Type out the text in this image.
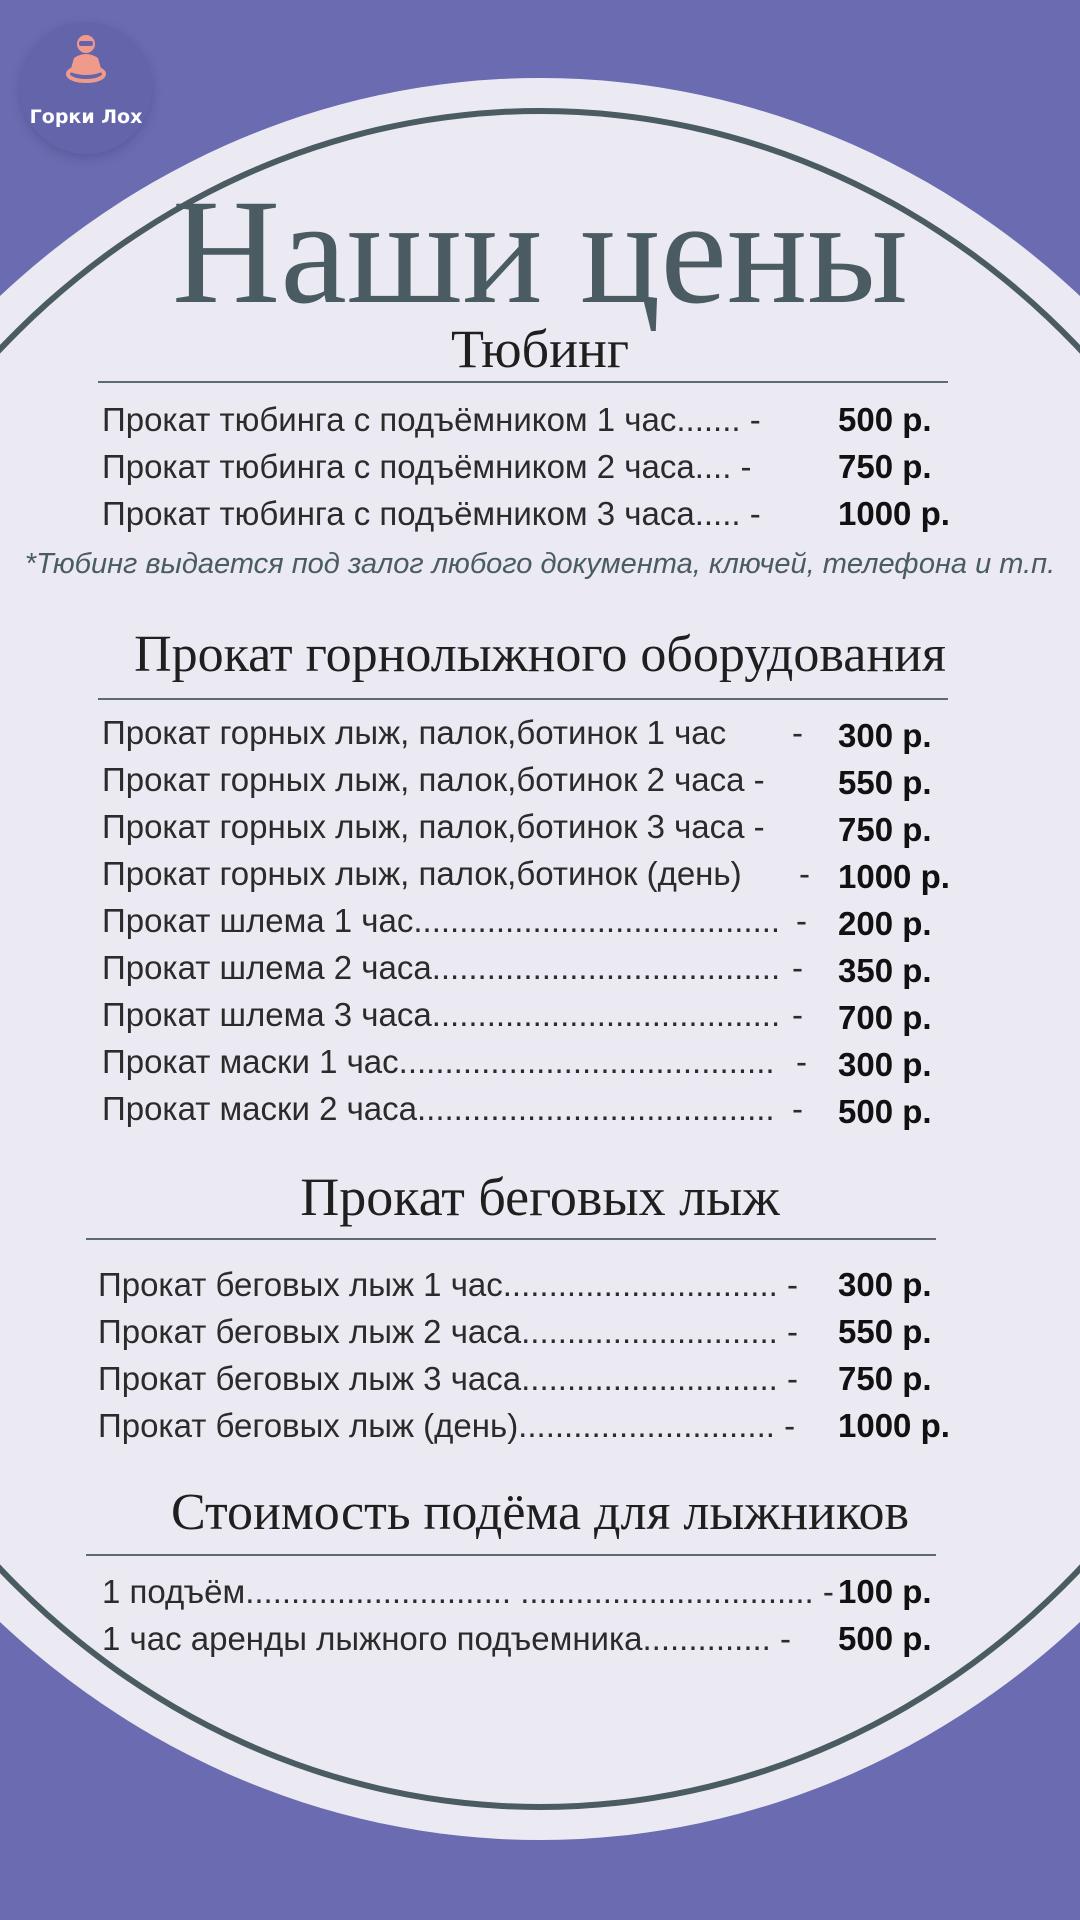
Горки Лох
Наши цены
Тюбинг
Прокат тюбинга с подъёмником 1 час....... - 500 р.
Прокат тюбинга с подъёмником 2 часа.... -	750 р.
Прокат тюбинга с подъёмником 3 часа..... - 1000 р.
*Тюбинг выдается под залог любого документа, ключей, телефона и т.п.
Прокат горнолыжного оборудования
Прокат горных лыж, палок,ботинок 1 час - 300 р.
Прокат горных лыж, палок,ботинок 2 часа - 550 р.
Прокат горных лыж, палок,ботинок 3 часа - 750 р.
Прокат горных лыж, палок,ботинок (день) - 1000 р.
Прокат шлема 1 час........................................ - 200 р.
Прокат шлема 2 часа...................................... - 350 р.
Прокат шлема 3 часа...................................... - 700 р.
Прокат маски 1 час......................................... - 300 р.
Прокат маски 2 часа....................................... - 500 р.
Прокат беговых лыж
Прокат беговых лыж 1 час.............................. - 300 р.
Прокат беговых лыж 2 часа............................ - 550 р.
Прокат беговых лыж 3 часа............................ - 750 р.
Прокат беговых лыж (день)............................ - 1000 р.
Стоимость подёма для лыжников
1 подъём............................. ................................ - 100 р.
1 час аренды лыжного подъемника.............. - 500 р.
